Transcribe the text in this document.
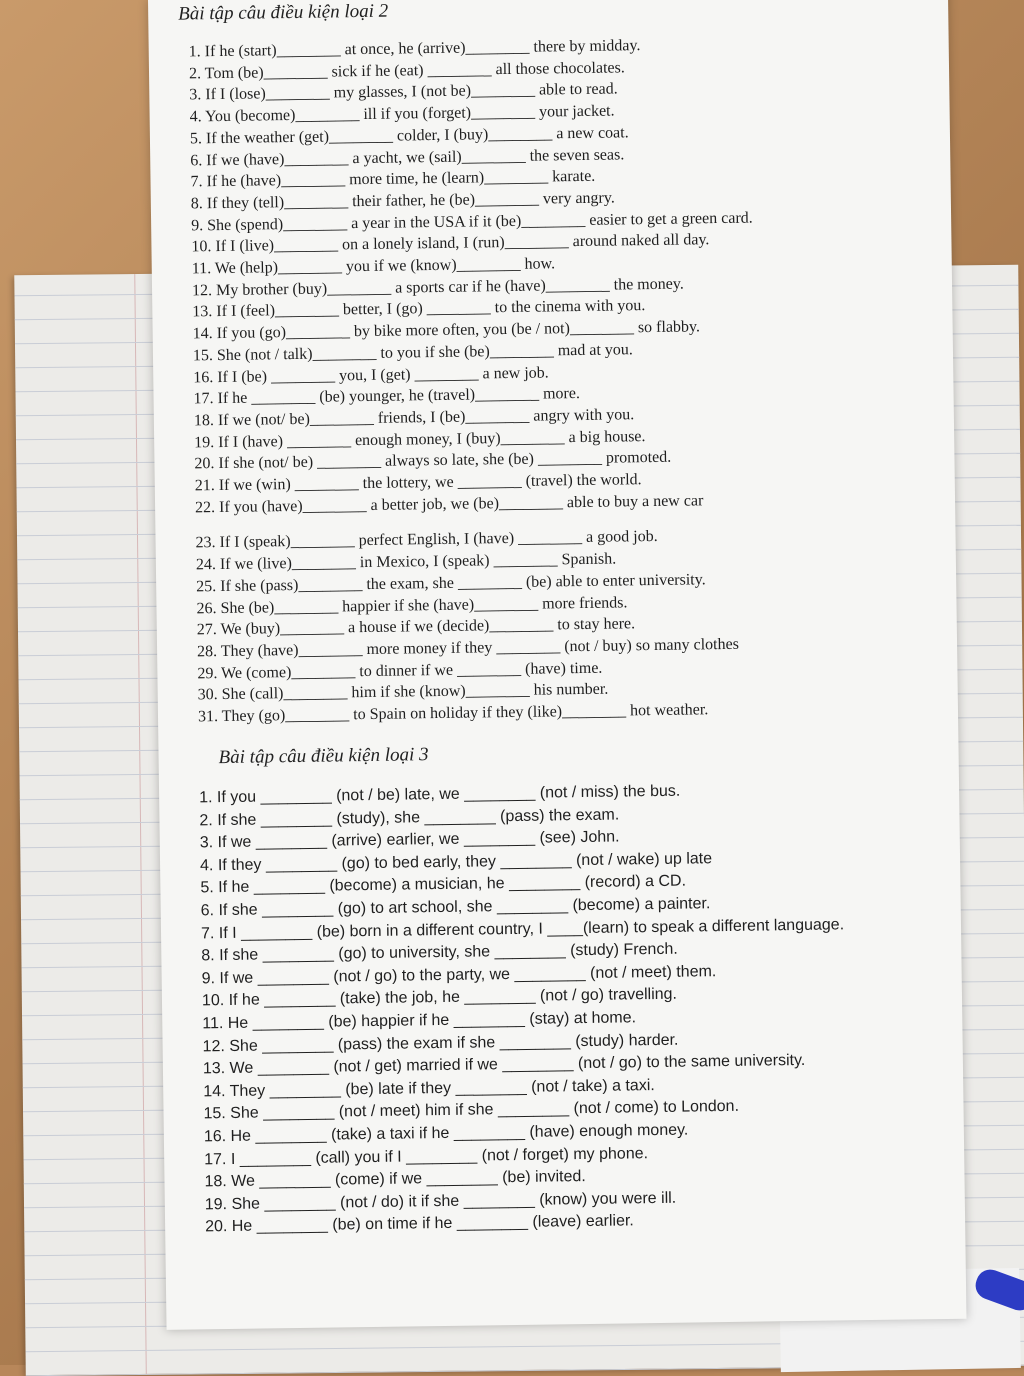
Bài tập câu điều kiện loại 2
1. If he (start)________ at once, he (arrive)________ there by midday.
2. Tom (be)________ sick if he (eat) ________ all those chocolates.
3. If I (lose)________ my glasses, I (not be)________ able to read.
4. You (become)________ ill if you (forget)________ your jacket.
5. If the weather (get)________ colder, I (buy)________ a new coat.
6. If we (have)________ a yacht, we (sail)________ the seven seas.
7. If he (have)________ more time, he (learn)________ karate.
8. If they (tell)________ their father, he (be)________ very angry.
9. She (spend)________ a year in the USA if it (be)________ easier to get a green card.
10. If I (live)________ on a lonely island, I (run)________ around naked all day.
11. We (help)________ you if we (know)________ how.
12. My brother (buy)________ a sports car if he (have)________ the money.
13. If I (feel)________ better, I (go) ________ to the cinema with you.
14. If you (go)________ by bike more often, you (be / not)________ so flabby.
15. She (not / talk)________ to you if she (be)________ mad at you.
16. If I (be) ________ you, I (get) ________ a new job.
17. If he ________ (be) younger, he (travel)________ more.
18. If we (not/ be)________ friends, I (be)________ angry with you.
19. If I (have) ________ enough money, I (buy)________ a big house.
20. If she (not/ be) ________ always so late, she (be) ________ promoted.
21. If we (win) ________ the lottery, we ________ (travel) the world.
22. If you (have)________ a better job, we (be)________ able to buy a new car
23. If I (speak)________ perfect English, I (have) ________ a good job.
24. If we (live)________ in Mexico, I (speak) ________ Spanish.
25. If she (pass)________ the exam, she ________ (be) able to enter university.
26. She (be)________ happier if she (have)________ more friends.
27. We (buy)________ a house if we (decide)________ to stay here.
28. They (have)________ more money if they ________ (not / buy) so many clothes
29. We (come)________ to dinner if we ________ (have) time.
30. She (call)________ him if she (know)________ his number.
31. They (go)________ to Spain on holiday if they (like)________ hot weather.
Bài tập câu điều kiện loại 3
1. If you ________ (not / be) late, we ________ (not / miss) the bus.
2. If she ________ (study), she ________ (pass) the exam.
3. If we ________ (arrive) earlier, we ________ (see) John.
4. If they ________ (go) to bed early, they ________ (not / wake) up late
5. If he ________ (become) a musician, he ________ (record) a CD.
6. If she ________ (go) to art school, she ________ (become) a painter.
7. If I ________ (be) born in a different country, I ____(learn) to speak a different language.
8. If she ________ (go) to university, she ________ (study) French.
9. If we ________ (not / go) to the party, we ________ (not / meet) them.
10. If he ________ (take) the job, he ________ (not / go) travelling.
11. He ________ (be) happier if he ________ (stay) at home.
12. She ________ (pass) the exam if she ________ (study) harder.
13. We ________ (not / get) married if we ________ (not / go) to the same university.
14. They ________ (be) late if they ________ (not / take) a taxi.
15. She ________ (not / meet) him if she ________ (not / come) to London.
16. He ________ (take) a taxi if he ________ (have) enough money.
17. I ________ (call) you if I ________ (not / forget) my phone.
18. We ________ (come) if we ________ (be) invited.
19. She ________ (not / do) it if she ________ (know) you were ill.
20. He ________ (be) on time if he ________ (leave) earlier.
